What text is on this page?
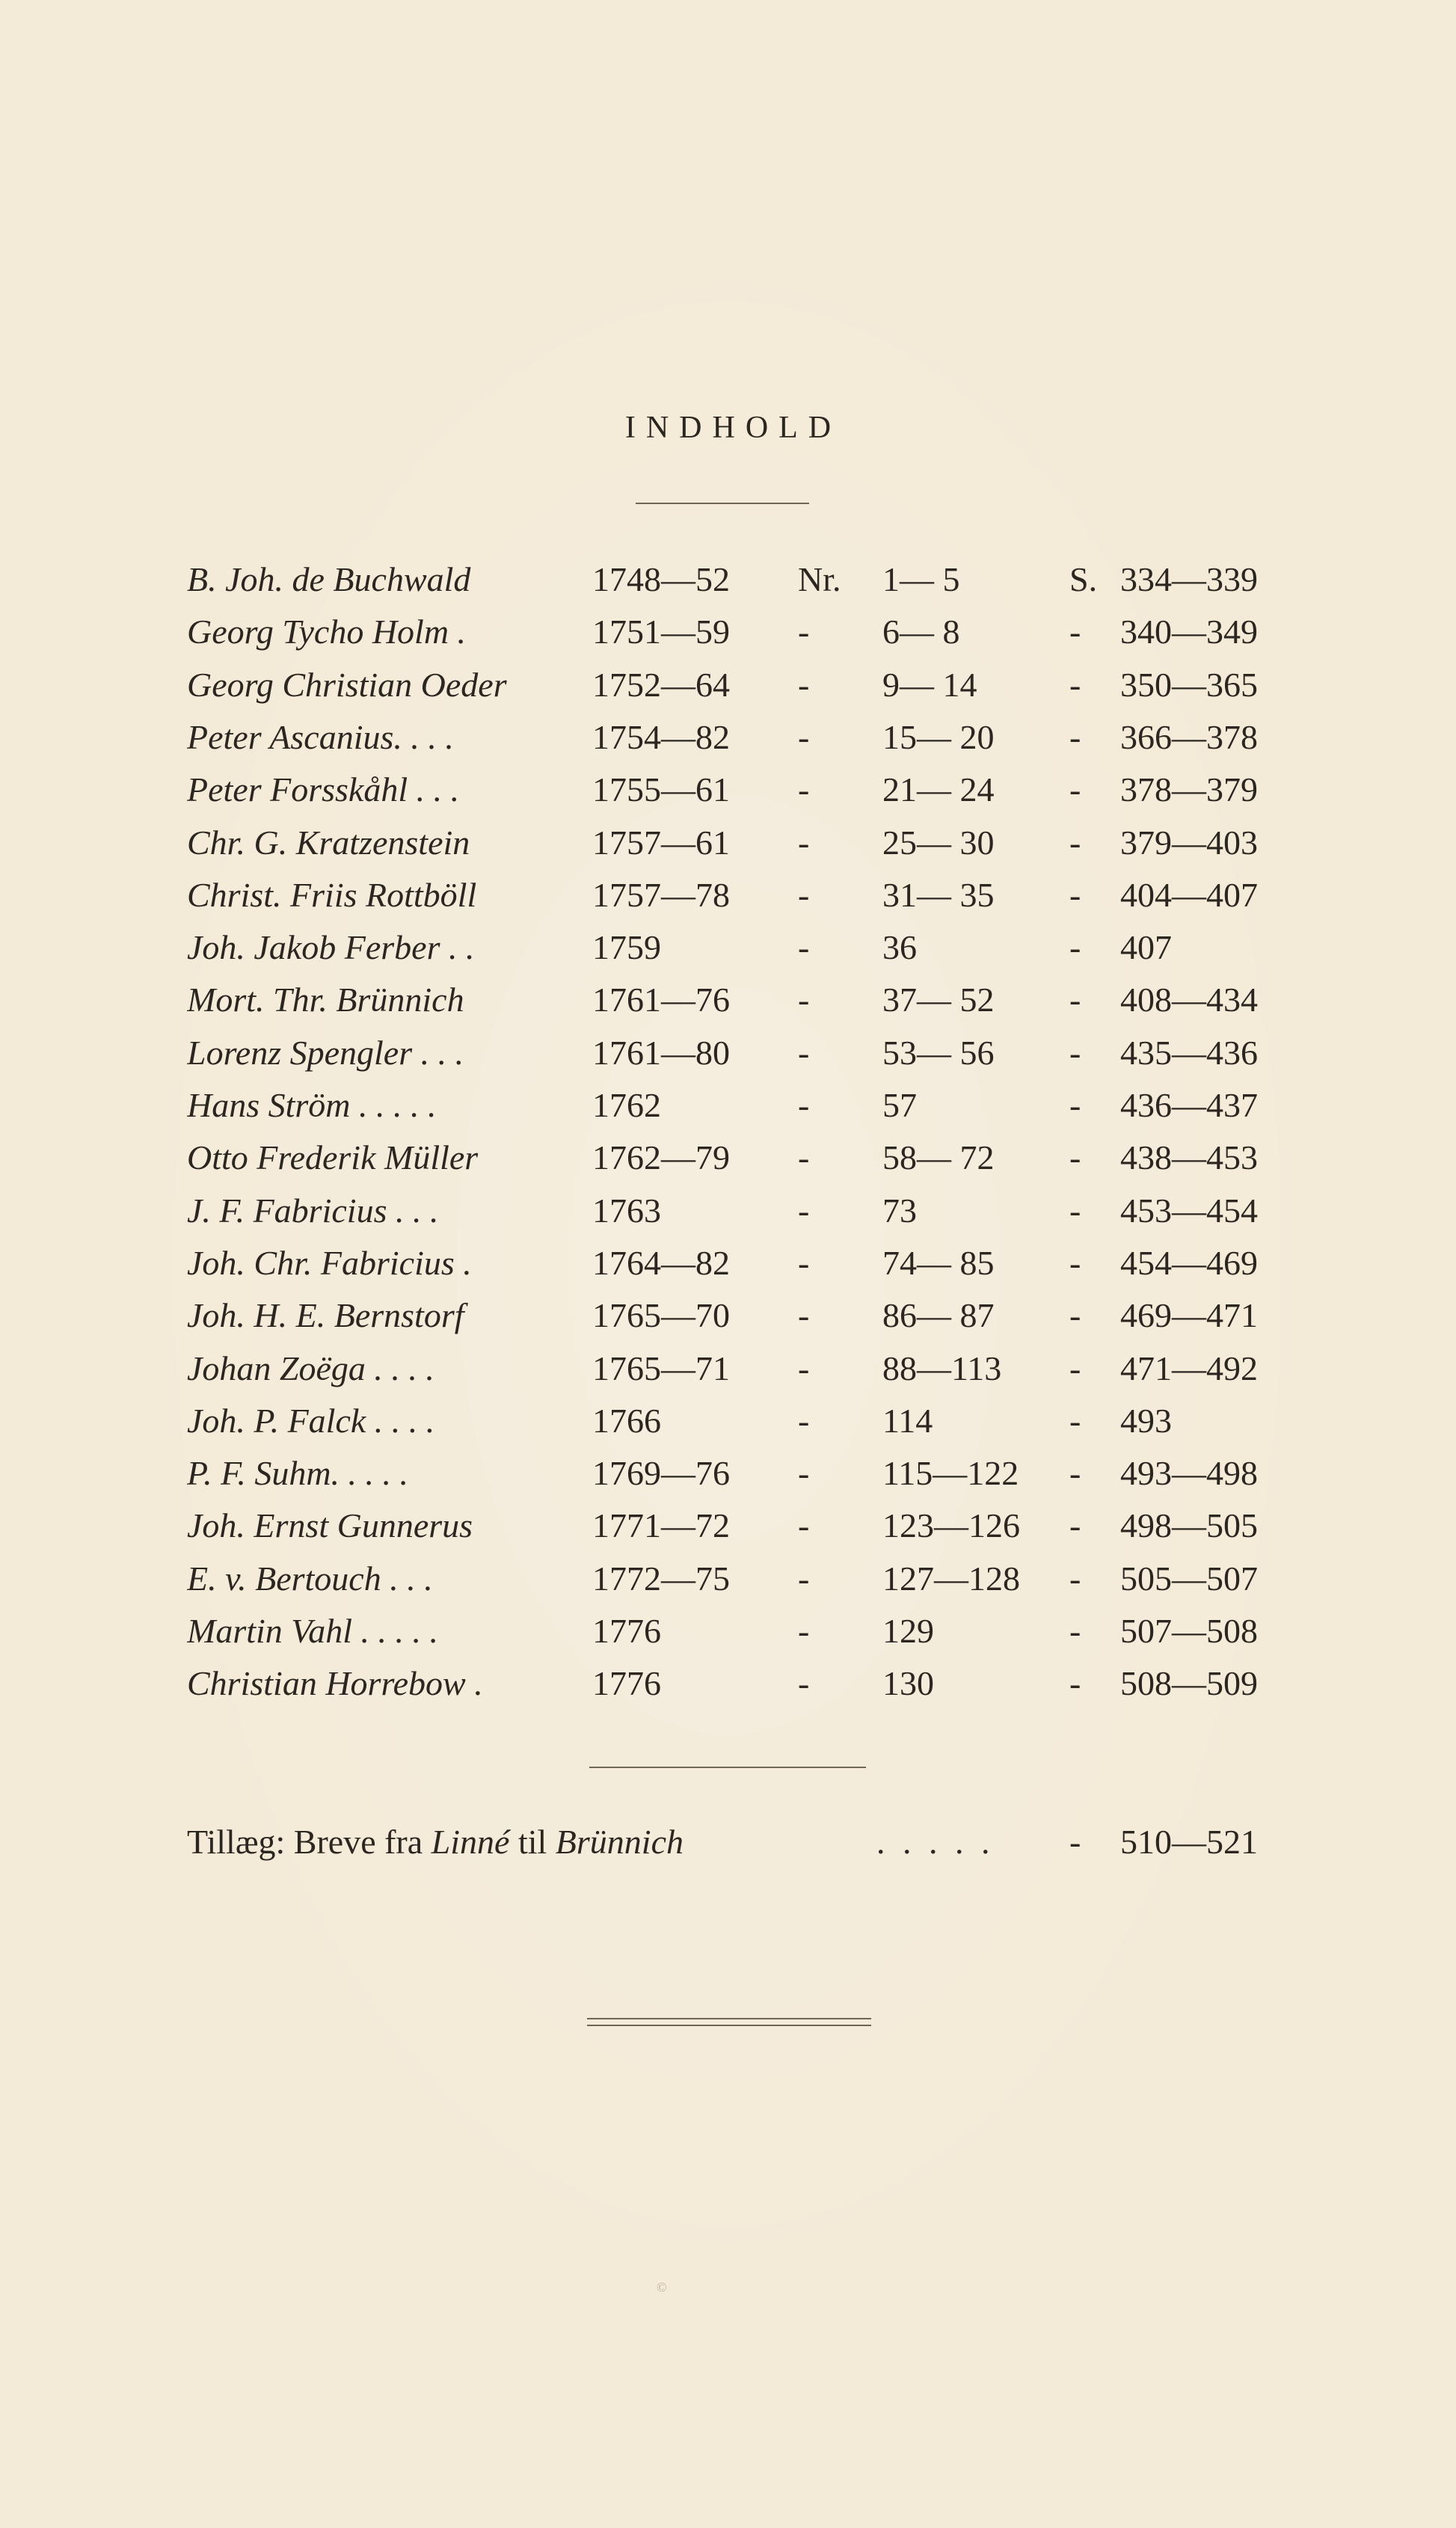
INDHOLD
B. Joh. de Buchwald	1748—52 Nr.	1— 5	S. 334—339
Georg Tycho Holm .	1751—59 -	6— 8	-	340—349
Georg Christian Oeder	1752—64 -	9— 14	-	350—365
Peter Ascanius. . . .	1754—82 -	15— 20	-	366—378
Peter Forsskåhl . . .	1755—61 -	21— 24	-	378—379
Chr. G. Kratzenstein	1757—61 -	25— 30	-	379—403
Christ. Friis Rottböll	1757—78 -	31— 35	-	404—407
Joh. Jakob Ferber . .	1759	-	36	-	407
Mort. Thr. Brünnich	1761—76 -	37— 52	-	408—434
Lorenz Spengler . . .	1761—80 -	53— 56	-	435—436
Hans Ström . . . . .	1762	-	57	-	436—437
Otto Frederik Müller	1762—79 -	58— 72	-	438—453
J. F. Fabricius . . .	1763	-	73	-	453—454
Joh. Chr. Fabricius .	1764—82 -	74— 85	-	454—469
Joh. H. E. Bernstorf	1765—70 -	86— 87	-	469—471
Johan Zoëga . . . .	1765—71 -	88—113	-	471—492
Joh. P. Falck . . . .	1766	-	114	-	493
P. F. Suhm. . . . .	1769—76 -	115—122	-	493—498
Joh. Ernst Gunnerus	1771—72 -	123—126	-	498—505
E. v. Bertouch . . .	1772—75 -	127—128	-	505—507
Martin Vahl . . . . .	1776	-	129	-	507—508
Christian Horrebow .	1776	-	130	-	508—509
Tillæg: Breve fra Linné til Brünnich	. . . . . - 510—521
©
